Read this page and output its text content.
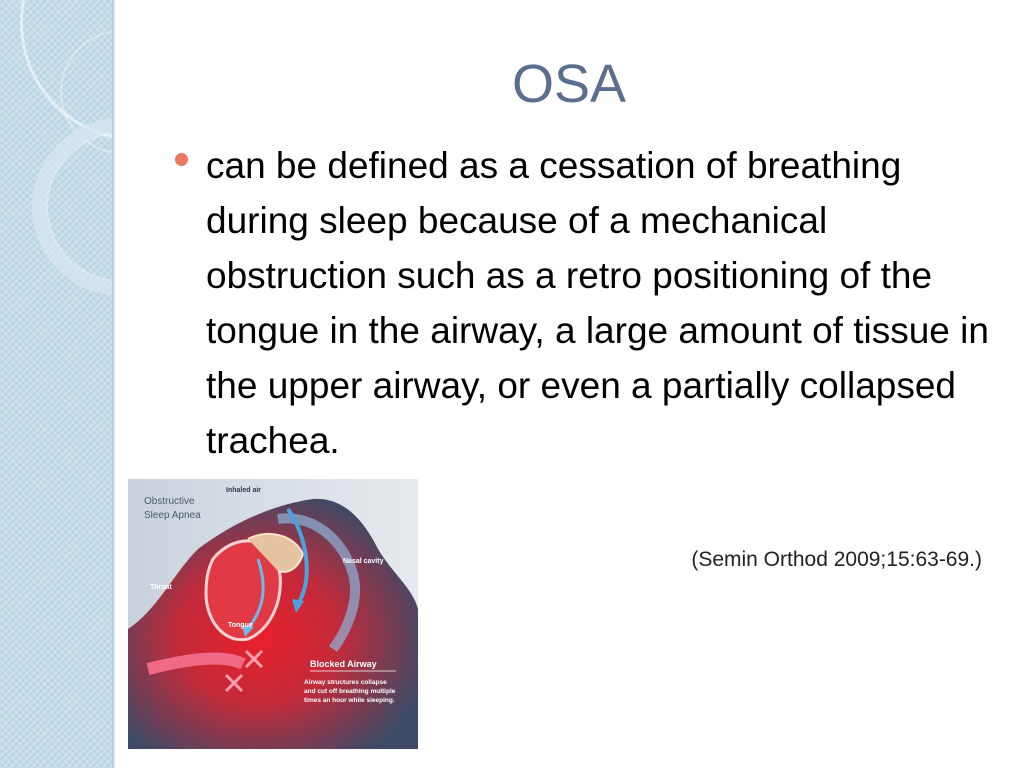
OSA

can be defined as a cessation of breathing during sleep because of a mechanical obstruction such as a retro positioning of the tongue in the airway, a large amount of tissue in the upper airway, or even a partially collapsed trachea.

(Semin Orthod 2009;15:63-69.)
Obstructive
Sleep Apnea
Inhaled air
Nasal cavity
Throat
Tongue
Blocked Airway
Airway structures collapse
and cut off breathing multiple
times an hour while sleeping.
